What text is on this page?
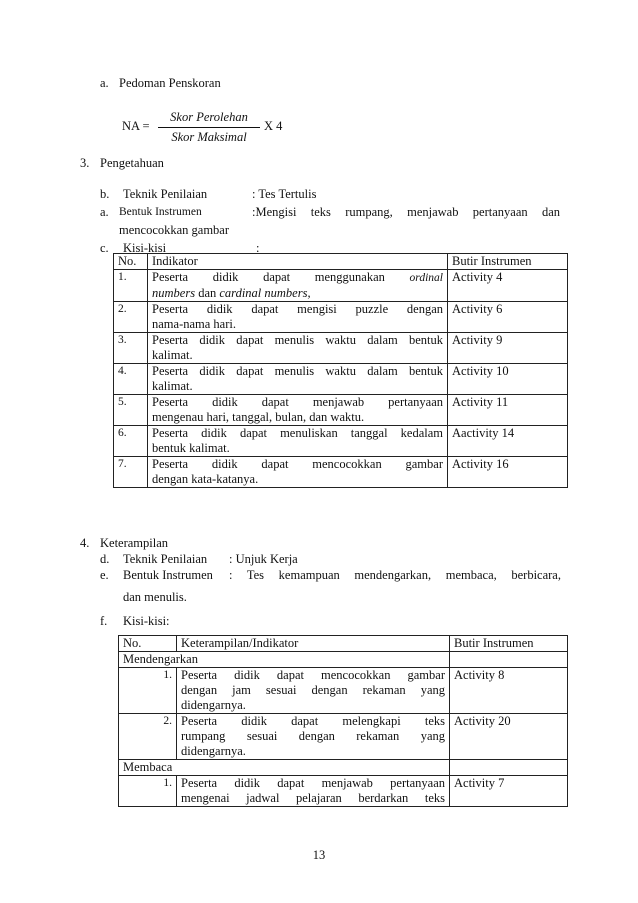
a. Pedoman Penskoran
NA =
Skor Perolehan
Skor Maksimal
X 4
3. Pengetahuan
b. Teknik Penilaian	: Tes Tertulis
a. Bentuk Instrumen	:Mengisi teks rumpang, menjawab pertanyaan dan
mencocokkan gambar
c. Kisi-kisi	:
No.	Indikator	Butir Instrumen
1.	Peserta didik dapat menggunakan ordinal
numbers dan cardinal numbers,	Activity 4
2.	Peserta didik dapat mengisi puzzle dengan
nama-nama hari.	Activity 6
3.	Peserta didik dapat menulis waktu dalam bentuk
kalimat.	Activity 9
4.	Peserta didik dapat menulis waktu dalam bentuk
kalimat.	Activity 10
5.	Peserta didik dapat menjawab pertanyaan
mengenau hari, tanggal, bulan, dan waktu.	Activity 11
6.	Peserta didik dapat menuliskan tanggal kedalam
bentuk kalimat.	Aactivity 14
7.	Peserta didik dapat mencocokkan gambar
dengan kata-katanya.	Activity 16
4. Keterampilan
d. Teknik Penilaian : Unjuk Kerja
e. Bentuk Instrumen : Tes kemampuan mendengarkan, membaca, berbicara,
dan menulis.
f. Kisi-kisi:
No.	Keterampilan/Indikator	Butir Instrumen
Mendengarkan		
1.	Peserta didik dapat mencocokkan gambar
dengan jam sesuai dengan rekaman yang
didengarnya.	Activity 8
2.	Peserta didik dapat melengkapi teks
rumpang sesuai dengan rekaman yang
didengarnya.	Activity 20
Membaca		
1.	Peserta didik dapat menjawab pertanyaan
mengenai jadwal pelajaran berdarkan teks	Activity 7
13
